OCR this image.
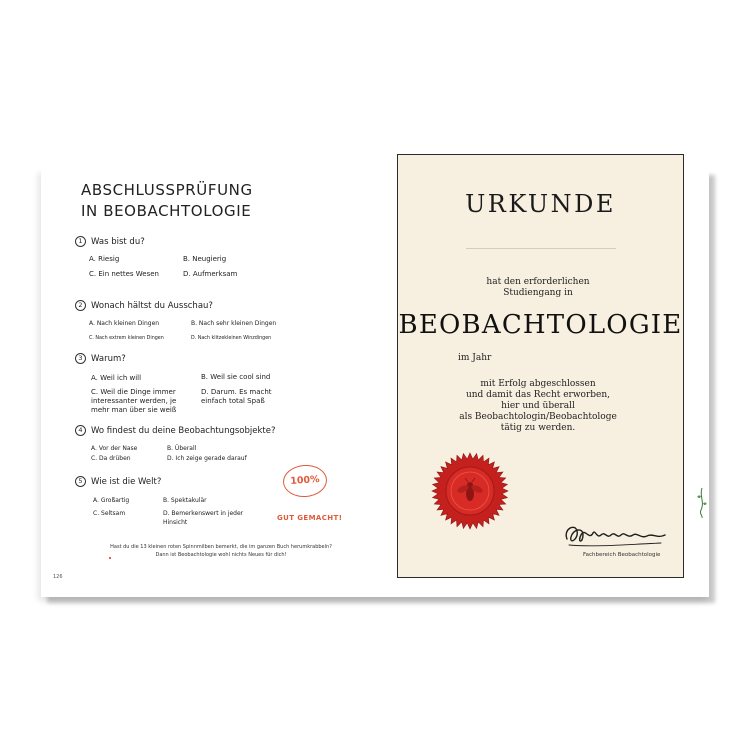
ABSCHLUSSPRÜFUNG
IN BEOBACHTOLOGIE
1 Was bist du?
A. Riesig	B. Neugierig
C. Ein nettes Wesen	D. Aufmerksam
2 Wonach hältst du Ausschau?
A. Nach kleinen Dingen	B. Nach sehr kleinen Dingen
C. Nach extrem kleinen Dingen	D. Nach klitzekleinen Winzdingen
3 Warum?
A. Weil ich will	B. Weil sie cool sind
C. Weil die Dinge immer interessanter werden, je mehr man über sie weiß
D. Darum. Es macht einfach total Spaß
4 Wo findest du deine Beobachtungsobjekte?
A. Vor der Nase	B. Überall
C. Da drüben	D. Ich zeige gerade darauf
5 Wie ist die Welt?
A. Großartig	B. Spektakulär
C. Seltsam	D. Bemerkenswert in jeder Hinsicht
100%
GUT GEMACHT!
Hast du die 13 kleinen roten Spinnmilben bemerkt, die im ganzen Buch herumkrabbeln?
Dann ist Beobachtologie wohl nichts Neues für dich!
126
URKUNDE
hat den erforderlichen
Studiengang in
BEOBACHTOLOGIE
im Jahr
mit Erfolg abgeschlossen
und damit das Recht erworben,
hier und überall
als Beobachtologin/Beobachtologe
tätig zu werden.
Fachbereich Beobachtologie
